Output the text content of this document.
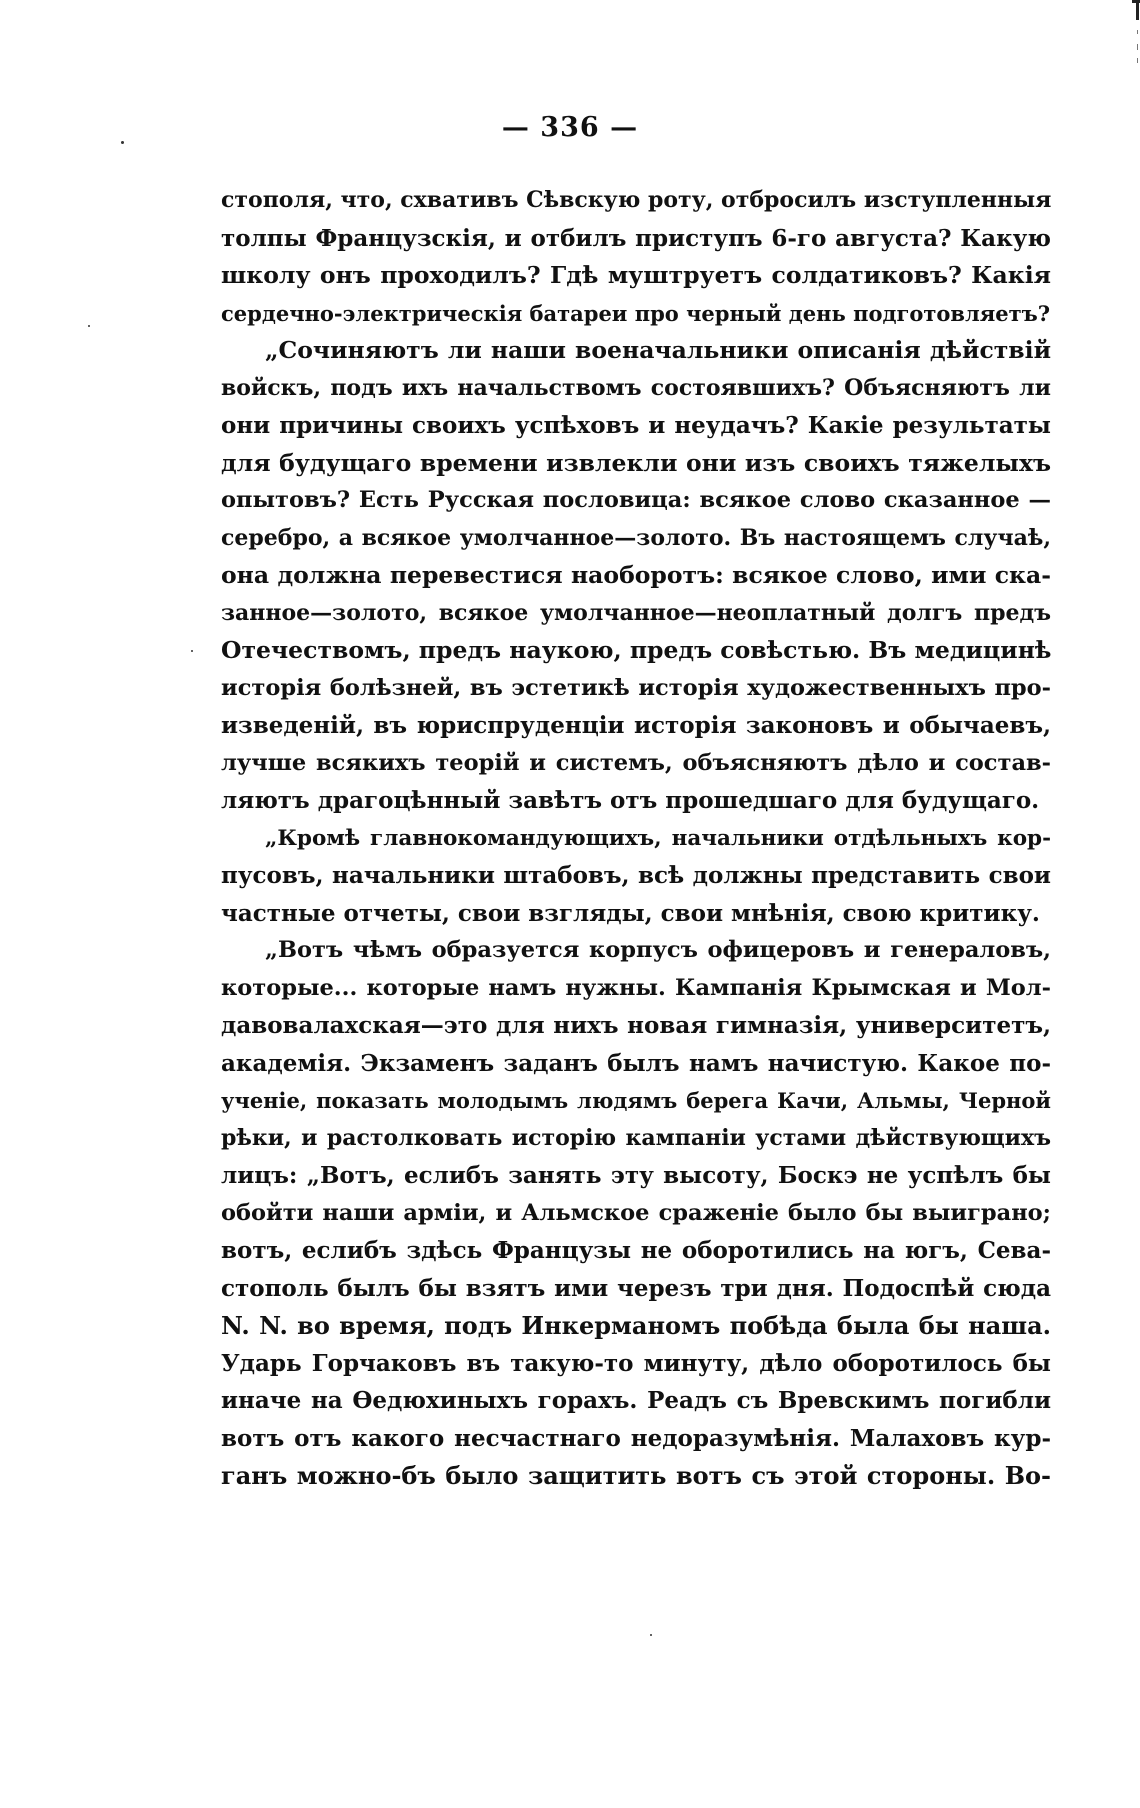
— 336 —
стополя, что, схвативъ Сѣвскую роту, отбросилъ изступленныя
толпы Французскія, и отбилъ приступъ 6-го августа? Какую
школу онъ проходилъ? Гдѣ муштруетъ солдатиковъ? Какія
сердечно-электрическія батареи про черный день подготовляетъ?
„Сочиняютъ ли наши военачальники описанія дѣйствій
войскъ, подъ ихъ начальствомъ состоявшихъ? Объясняютъ ли
они причины своихъ успѣховъ и неудачъ? Какіе результаты
для будущаго времени извлекли они изъ своихъ тяжелыхъ
опытовъ? Есть Русская пословица: всякое слово сказанное —
серебро, а всякое умолчанное—золото. Въ настоящемъ случаѣ,
она должна перевестися наоборотъ: всякое слово, ими ска-
занное—золото, всякое умолчанное—неоплатный долгъ предъ
Отечествомъ, предъ наукою, предъ совѣстью. Въ медицинѣ
исторія болѣзней, въ эстетикѣ исторія художественныхъ про-
изведеній, въ юриспруденціи исторія законовъ и обычаевъ,
лучше всякихъ теорій и системъ, объясняютъ дѣло и состав-
ляютъ драгоцѣнный завѣтъ отъ прошедшаго для будущаго.
„Кромѣ главнокомандующихъ, начальники отдѣльныхъ кор-
пусовъ, начальники штабовъ, всѣ должны представить свои
частные отчеты, свои взгляды, свои мнѣнія, свою критику.
„Вотъ чѣмъ образуется корпусъ офицеровъ и генераловъ,
которые... которые намъ нужны. Кампанія Крымская и Мол-
давовалахская—это для нихъ новая гимназія, университетъ,
академія. Экзаменъ заданъ былъ намъ начистую. Какое по-
ученіе, показать молодымъ людямъ берега Качи, Альмы, Черной
рѣки, и растолковать исторію кампаніи устами дѣйствующихъ
лицъ: „Вотъ, еслибъ занять эту высоту, Боскэ не успѣлъ бы
обойти наши арміи, и Альмское сраженіе было бы выиграно;
вотъ, еслибъ здѣсь Французы не оборотились на югъ, Сева-
стополь былъ бы взятъ ими черезъ три дня. Подоспѣй сюда
N. N. во время, подъ Инкерманомъ побѣда была бы наша.
Ударь Горчаковъ въ такую-то минуту, дѣло оборотилось бы
иначе на Ѳедюхиныхъ горахъ. Реадъ съ Вревскимъ погибли
вотъ отъ какого несчастнаго недоразумѣнія. Малаховъ кур-
ганъ можно-бъ было защитить вотъ съ этой стороны. Во-
